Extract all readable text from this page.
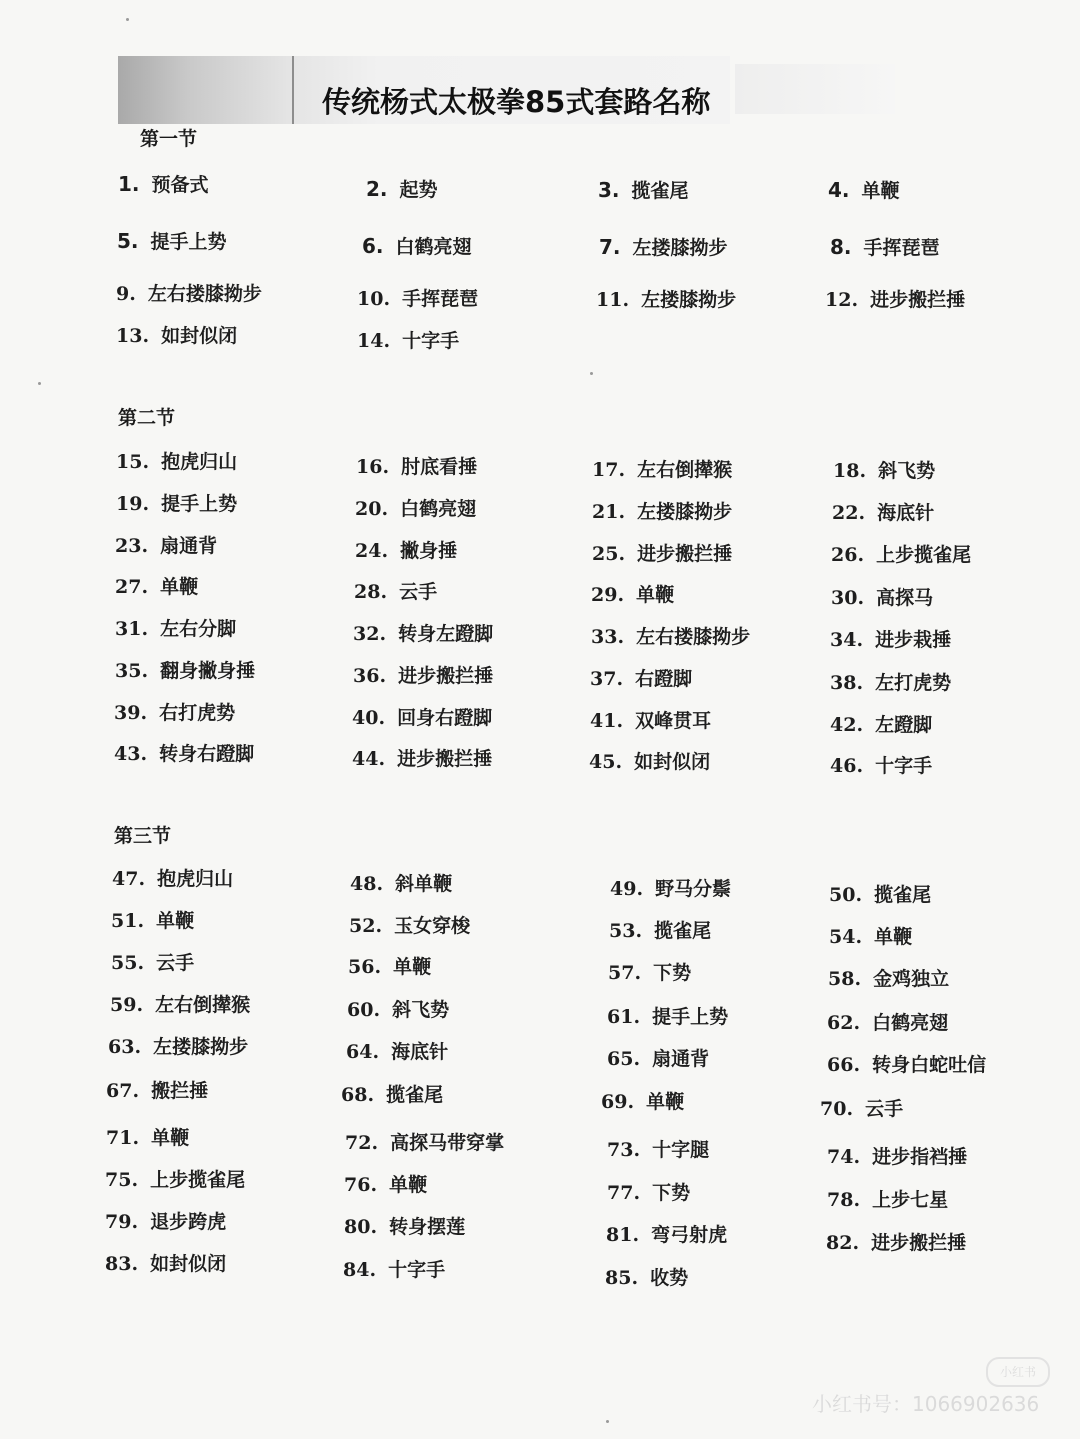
传统杨式太极拳85式套路名称
第一节
第二节
第三节
1. 预备式	2. 起势	3. 揽雀尾	4. 单鞭
5. 提手上势	6. 白鹤亮翅	7. 左搂膝拗步	8. 手挥琵琶
9. 左右搂膝拗步	10. 手挥琵琶	11. 左搂膝拗步	12. 进步搬拦捶
13. 如封似闭	14. 十字手
15. 抱虎归山	16. 肘底看捶	17. 左右倒撵猴	18. 斜飞势
19. 提手上势	20. 白鹤亮翅	21. 左搂膝拗步	22. 海底针
23. 扇通背	24. 撇身捶	25. 进步搬拦捶	26. 上步揽雀尾
27. 单鞭	28. 云手	29. 单鞭	30. 高探马
31. 左右分脚	32. 转身左蹬脚	33. 左右搂膝拗步	34. 进步栽捶
35. 翻身撇身捶	36. 进步搬拦捶	37. 右蹬脚	38. 左打虎势
39. 右打虎势	40. 回身右蹬脚	41. 双峰贯耳	42. 左蹬脚
43. 转身右蹬脚	44. 进步搬拦捶	45. 如封似闭	46. 十字手
47. 抱虎归山	48. 斜单鞭	49. 野马分鬃	50. 揽雀尾
51. 单鞭	52. 玉女穿梭	53. 揽雀尾	54. 单鞭
55. 云手	56. 单鞭	57. 下势	58. 金鸡独立
59. 左右倒撵猴	60. 斜飞势	61. 提手上势	62. 白鹤亮翅
63. 左搂膝拗步	64. 海底针	65. 扇通背	66. 转身白蛇吐信
67. 搬拦捶	68. 揽雀尾	69. 单鞭	70. 云手
71. 单鞭	72. 高探马带穿掌	73. 十字腿	74. 进步指裆捶
75. 上步揽雀尾	76. 单鞭	77. 下势	78. 上步七星
79. 退步跨虎	80. 转身摆莲	81. 弯弓射虎	82. 进步搬拦捶
83. 如封似闭	84. 十字手	85. 收势
小红书
小红书号：1066902636
